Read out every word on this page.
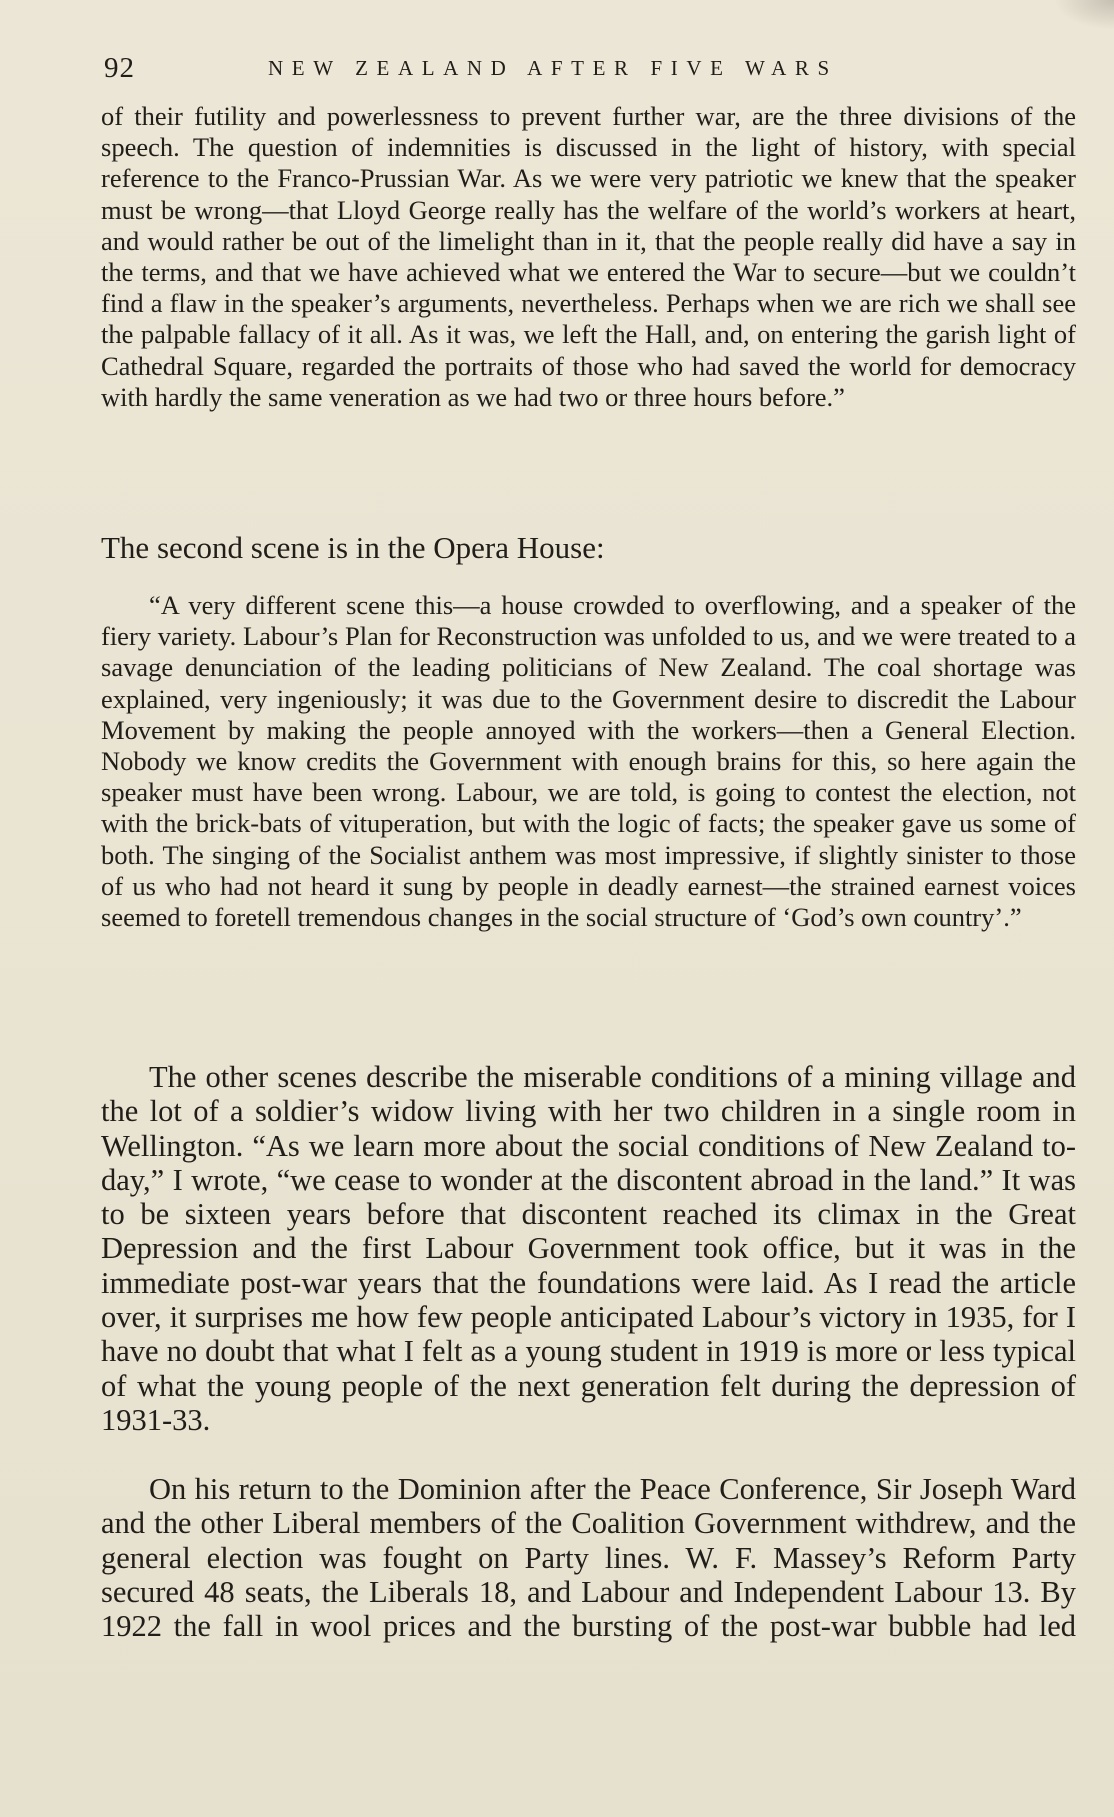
92	NEW ZEALAND AFTER FIVE WARS

of their futility and powerlessness to prevent further war, are the three divisions of the speech. The question of indemnities is discussed in the light of history, with special reference to the Franco-Prussian War. As we were very patriotic we knew that the speaker must be wrong—that Lloyd George really has the welfare of the world’s workers at heart, and would rather be out of the limelight than in it, that the people really did have a say in the terms, and that we have achieved what we entered the War to secure—but we couldn’t find a flaw in the speaker’s arguments, nevertheless. Perhaps when we are rich we shall see the palpable fallacy of it all. As it was, we left the Hall, and, on entering the garish light of Cathedral Square, regarded the portraits of those who had saved the world for democracy with hardly the same veneration as we had two or three hours before.”

The second scene is in the Opera House:

“A very different scene this—a house crowded to overflowing, and a speaker of the fiery variety. Labour’s Plan for Reconstruction was unfolded to us, and we were treated to a savage denunciation of the leading politicians of New Zealand. The coal shortage was explained, very ingeniously; it was due to the Government desire to discredit the Labour Movement by making the people annoyed with the workers—then a General Election. Nobody we know credits the Government with enough brains for this, so here again the speaker must have been wrong. Labour, we are told, is going to contest the election, not with the brick-bats of vituperation, but with the logic of facts; the speaker gave us some of both. The singing of the Socialist anthem was most impressive, if slightly sinister to those of us who had not heard it sung by people in deadly earnest—the strained earnest voices seemed to foretell tremendous changes in the social structure of ‘God’s own country’.”

The other scenes describe the miserable conditions of a mining village and the lot of a soldier’s widow living with her two children in a single room in Wellington. “As we learn more about the social conditions of New Zealand to-day,” I wrote, “we cease to wonder at the discontent abroad in the land.” It was to be sixteen years before that discontent reached its climax in the Great Depression and the first Labour Government took office, but it was in the immediate post-war years that the foundations were laid. As I read the article over, it surprises me how few people anticipated Labour’s victory in 1935, for I have no doubt that what I felt as a young student in 1919 is more or less typical of what the young people of the next generation felt during the depression of 1931-33.

On his return to the Dominion after the Peace Conference, Sir Joseph Ward and the other Liberal members of the Coalition Government withdrew, and the general election was fought on Party lines. W. F. Massey’s Reform Party secured 48 seats, the Liberals 18, and Labour and Independent Labour 13. By 1922 the fall in wool prices and the bursting of the post-war bubble had led
